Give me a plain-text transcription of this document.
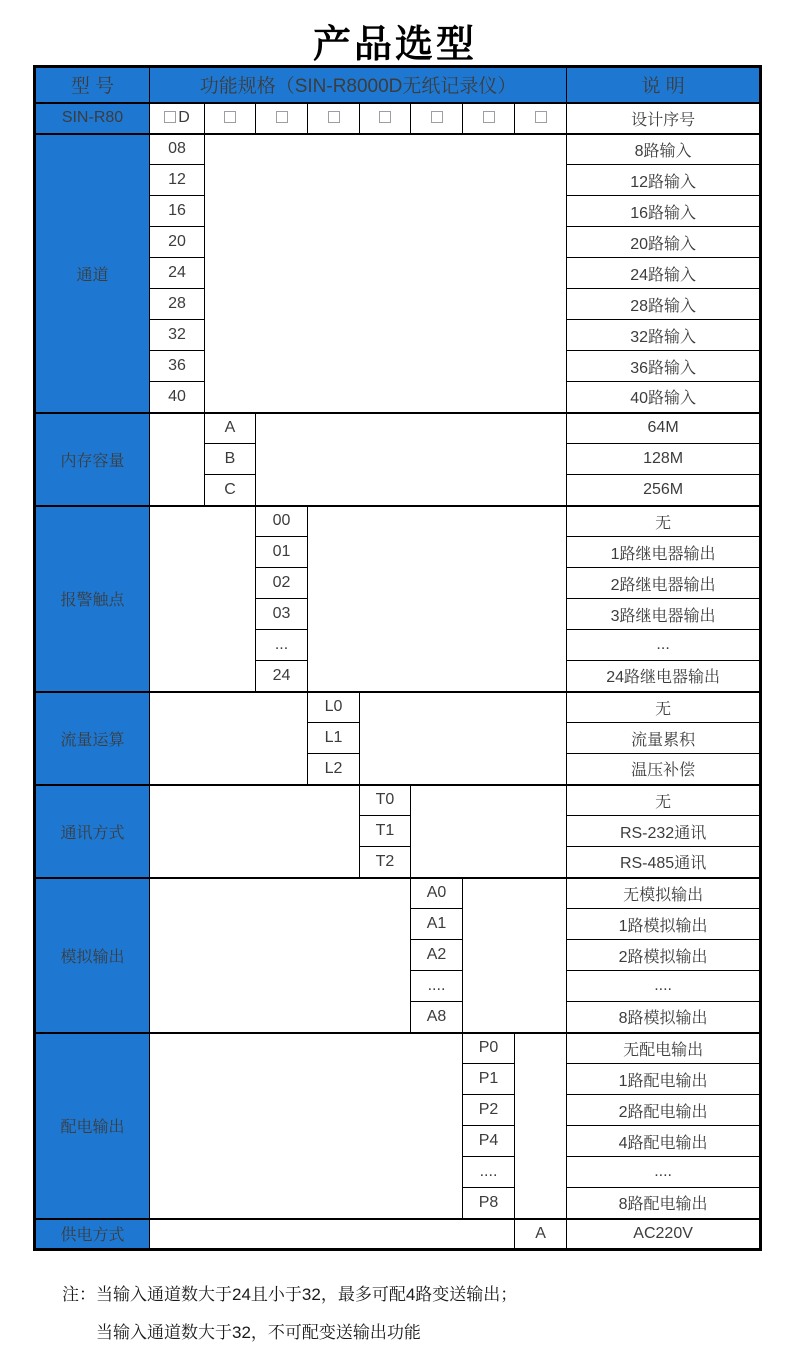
产品选型
型 号	功能规格（SIN-R8000D无纸记录仪）								说 明
SIN-R80	D								设计序号
通道	08								8路输入
	12								12路输入
	16								16路输入
	20								20路输入
	24								24路输入
	28								28路输入
	32								32路输入
	36								36路输入
	40								40路输入
内存容量		A							64M
		B							128M
		C							256M
报警触点			00						无
			01						1路继电器输出
			02						2路继电器输出
			03						3路继电器输出
			...						...
			24						24路继电器输出
流量运算				L0					无
				L1					流量累积
				L2					温压补偿
通讯方式					T0				无
					T1				RS-232通讯
					T2				RS-485通讯
模拟输出						A0			无模拟输出
						A1			1路模拟输出
						A2			2路模拟输出
						....			....
						A8			8路模拟输出
配电输出							P0		无配电输出
							P1		1路配电输出
							P2		2路配电输出
							P4		4路配电输出
							....		....
							P8		8路配电输出
供电方式								A	AC220V
注： 当输入通道数大于24且小于32，最多可配4路变送输出；
当输入通道数大于32，不可配变送输出功能
